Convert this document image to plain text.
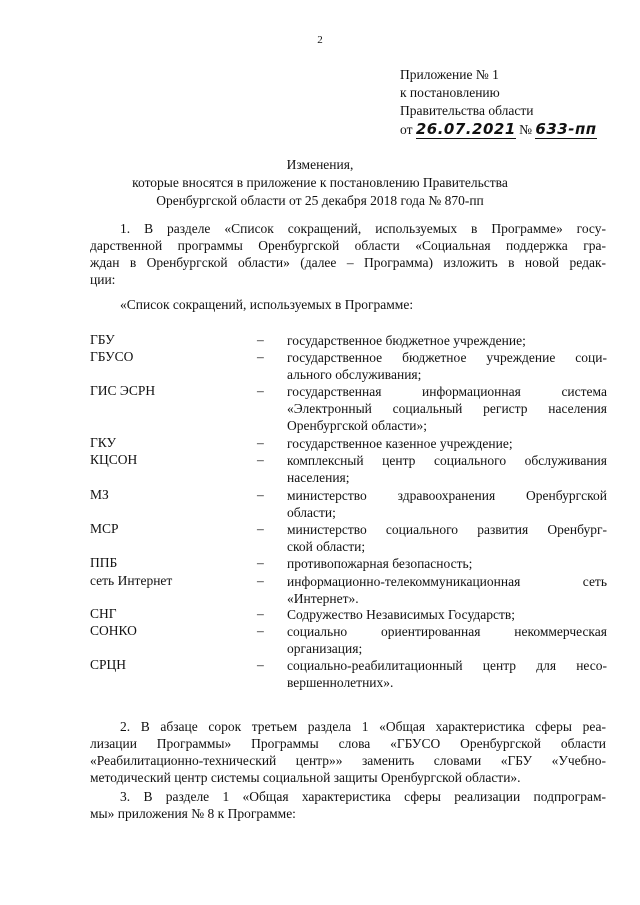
2
Приложение № 1
к постановлению
Правительства области
от 26.07.2021 № 633-пп
Изменения,
которые вносятся в приложение к постановлению Правительства
Оренбургской области от 25 декабря 2018 года № 870-пп
1. В разделе «Список сокращений, используемых в Программе» госу-
дарственной программы Оренбургской области «Социальная поддержка гра-
ждан в Оренбургской области» (далее – Программа) изложить в новой редак-
ции:
«Список сокращений, используемых в Программе:
ГБУ	– государственное бюджетное учреждение;
ГБУСО	– государственное бюджетное учреждение соци-
ального обслуживания;
ГИС ЭСРН	– государственная информационная система
«Электронный социальный регистр населения
Оренбургской области»;
ГКУ	– государственное казенное учреждение;
КЦСОН	– комплексный центр социального обслуживания
населения;
МЗ	– министерство здравоохранения Оренбургской
области;
МСР	– министерство социального развития Оренбург-
ской области;
ППБ	– противопожарная безопасность;
сеть Интернет	– информационно-телекоммуникационная сеть
«Интернет».
СНГ	– Содружество Независимых Государств;
СОНКО	– социально ориентированная некоммерческая
организация;
СРЦН	– социально-реабилитационный центр для несо-
вершеннолетних».
2. В абзаце сорок третьем раздела 1 «Общая характеристика сферы реа-
лизации Программы» Программы слова «ГБУСО Оренбургской области
«Реабилитационно-технический центр»» заменить словами «ГБУ «Учебно-
методический центр системы социальной защиты Оренбургской области».
3. В разделе 1 «Общая характеристика сферы реализации подпрограм-
мы» приложения № 8 к Программе:
